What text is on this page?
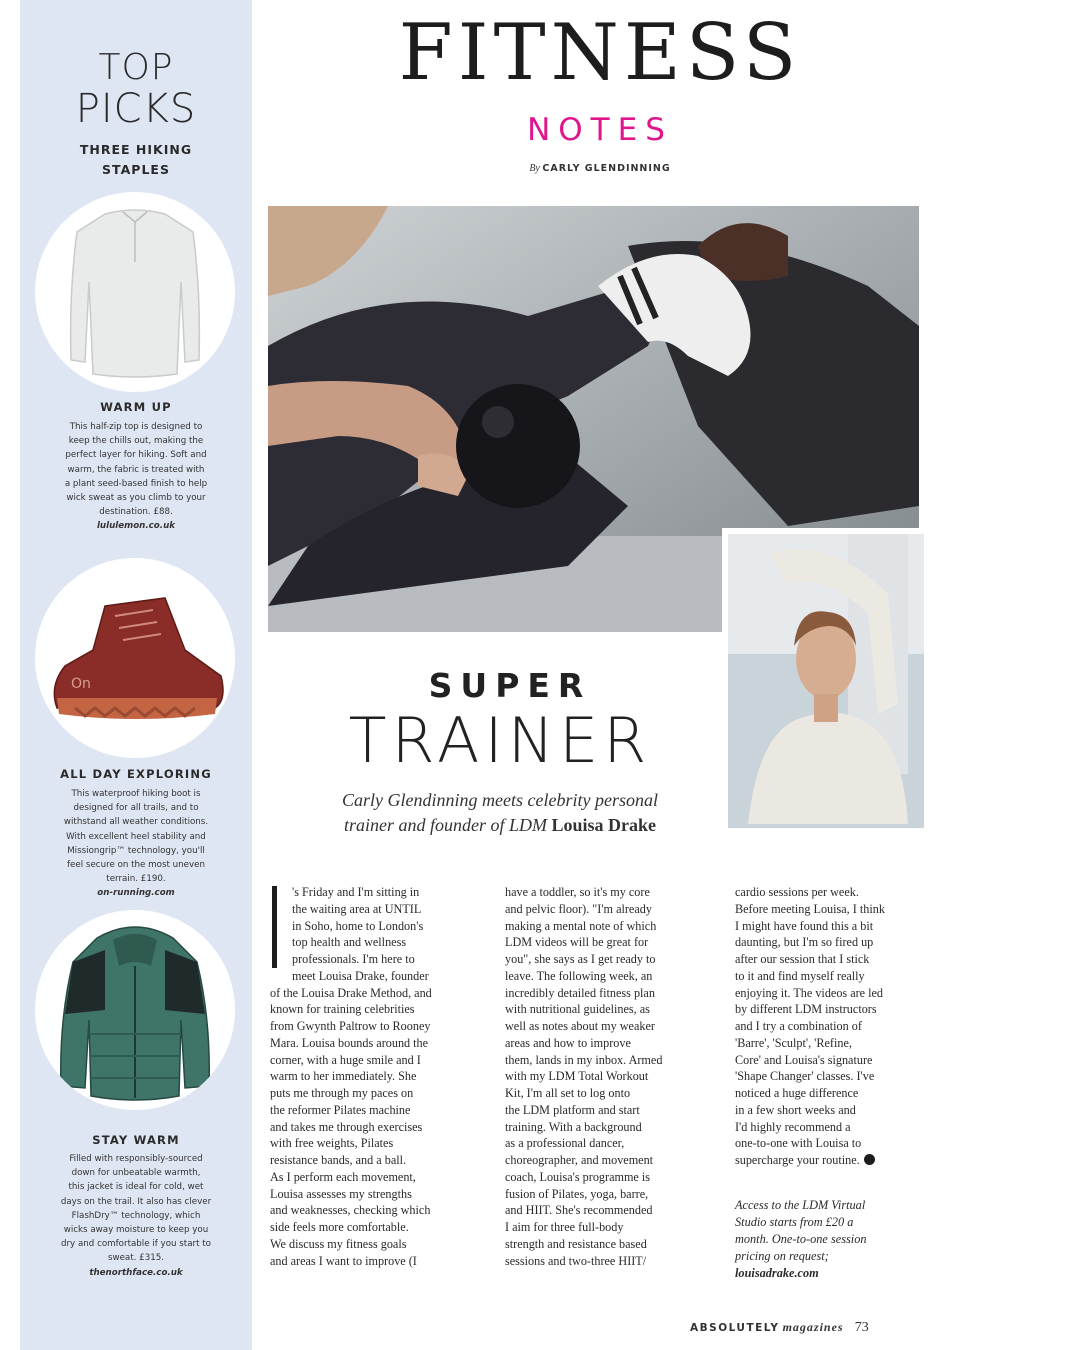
TOP
PICKS
THREE HIKING
STAPLES
WARM UP
This half-zip top is designed to
keep the chills out, making the
perfect layer for hiking. Soft and
warm, the fabric is treated with
a plant seed-based finish to help
wick sweat as you climb to your
destination. £88.
lululemon.co.uk
On
ALL DAY EXPLORING
This waterproof hiking boot is
designed for all trails, and to
withstand all weather conditions.
With excellent heel stability and
Missiongrip™ technology, you'll
feel secure on the most uneven
terrain. £190.
on-running.com
STAY WARM
Filled with responsibly-sourced
down for unbeatable warmth,
this jacket is ideal for cold, wet
days on the trail. It also has clever
FlashDry™ technology, which
wicks away moisture to keep you
dry and comfortable if you start to
sweat. £315.
thenorthface.co.uk
FITNESS
NOTES
By CARLY GLENDINNING
SUPER
TRAINER
Carly Glendinning meets celebrity personal
trainer and founder of LDM Louisa Drake

's Friday and I'm sitting in

the waiting area at UNTIL

in Soho, home to London's

top health and wellness

professionals. I'm here to

meet Louisa Drake, founder

of the Louisa Drake Method, and

known for training celebrities

from Gwynth Paltrow to Rooney

Mara. Louisa bounds around the

corner, with a huge smile and I

warm to her immediately. She

puts me through my paces on

the reformer Pilates machine

and takes me through exercises

with free weights, Pilates

resistance bands, and a ball.

As I perform each movement,

Louisa assesses my strengths

and weaknesses, checking which

side feels more comfortable.

We discuss my fitness goals

and areas I want to improve (I

have a toddler, so it's my core

and pelvic floor). "I'm already

making a mental note of which

LDM videos will be great for

you", she says as I get ready to

leave. The following week, an

incredibly detailed fitness plan

with nutritional guidelines, as

well as notes about my weaker

areas and how to improve

them, lands in my inbox. Armed

with my LDM Total Workout

Kit, I'm all set to log onto

the LDM platform and start

training. With a background

as a professional dancer,

choreographer, and movement

coach, Louisa's programme is

fusion of Pilates, yoga, barre,

and HIIT. She's recommended

I aim for three full-body

strength and resistance based

sessions and two-three HIIT/

cardio sessions per week.

Before meeting Louisa, I think

I might have found this a bit

daunting, but I'm so fired up

after our session that I stick

to it and find myself really

enjoying it. The videos are led

by different LDM instructors

and I try a combination of

'Barre', 'Sculpt', 'Refine,

Core' and Louisa's signature

'Shape Changer' classes. I've

noticed a huge difference

in a few short weeks and

I'd highly recommend a

one-to-one with Louisa to

supercharge your routine.

Access to the LDM Virtual
Studio starts from £20 a
month. One-to-one session
pricing on request;
louisadrake.com
ABSOLUTELY magazines 73
